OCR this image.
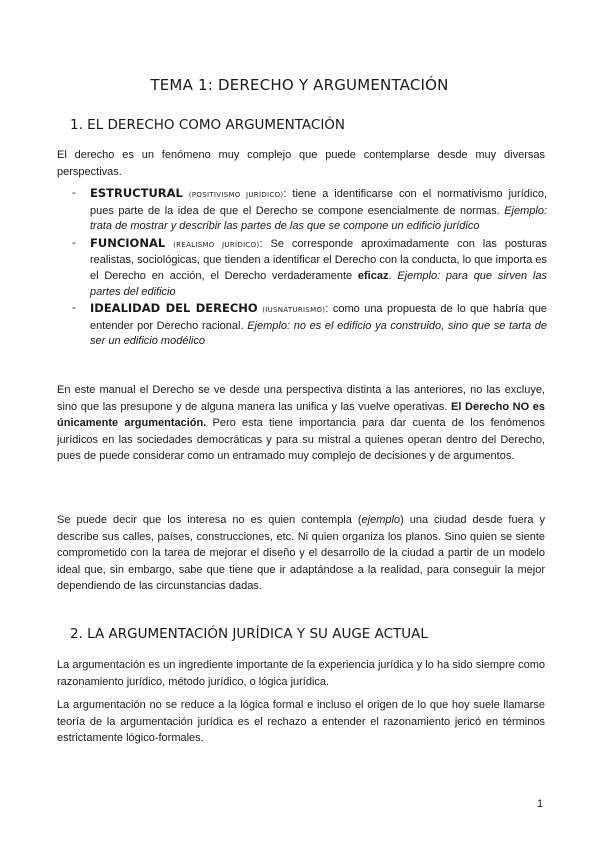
TEMA 1: DERECHO Y ARGUMENTACIÓN
1. EL DERECHO COMO ARGUMENTACIÓN
El derecho es un fenómeno muy complejo que puede contemplarse desde muy diversas perspectivas.
- ESTRUCTURAL (POSITIVISMO JURÍDICO): tiene a identificarse con el normativismo jurídico, pues parte de la idea de que el Derecho se compone esencialmente de normas. Ejemplo: trata de mostrar y describir las partes de las que se compone un edificio jurídico
- FUNCIONAL (REALISMO JURÍDICO): Se corresponde aproximadamente con las posturas realistas, sociológicas, que tienden a identificar el Derecho con la conducta, lo que importa es el Derecho en acción, el Derecho verdaderamente eficaz. Ejemplo: para que sirven las partes del edificio
- IDEALIDAD DEL DERECHO (IUSNATURISMO): como una propuesta de lo que habría que entender por Derecho racional. Ejemplo: no es el edificio ya construido, sino que se tarta de ser un edificio modélico
En este manual el Derecho se ve desde una perspectiva distinta a las anteriores, no las excluye, sino que las presupone y de alguna manera las unifica y las vuelve operativas. El Derecho NO es únicamente argumentación. Pero esta tiene importancia para dar cuenta de los fenómenos jurídicos en las sociedades democráticas y para su mistral a quienes operan dentro del Derecho, pues de puede considerar como un entramado muy complejo de decisiones y de argumentos.
Se puede decir que los interesa no es quien contempla (ejemplo) una ciudad desde fuera y describe sus calles, países, construcciones, etc. Ni quien organiza los planos. Sino quien se siente comprometido con la tarea de mejorar el diseño y el desarrollo de la ciudad a partir de un modelo ideal que, sin embargo, sabe que tiene que ir adaptándose a la realidad, para conseguir la mejor dependiendo de las circunstancias dadas.
2. LA ARGUMENTACIÓN JURÍDICA Y SU AUGE ACTUAL
La argumentación es un ingrediente importante de la experiencia jurídica y lo ha sido siempre como razonamiento jurídico, método jurídico, o lógica jurídica.
La argumentación no se reduce a la lógica formal e incluso el origen de lo que hoy suele llamarse teoría de la argumentación jurídica es el rechazo a entender el razonamiento jericó en términos estrictamente lógico-formales.
1
